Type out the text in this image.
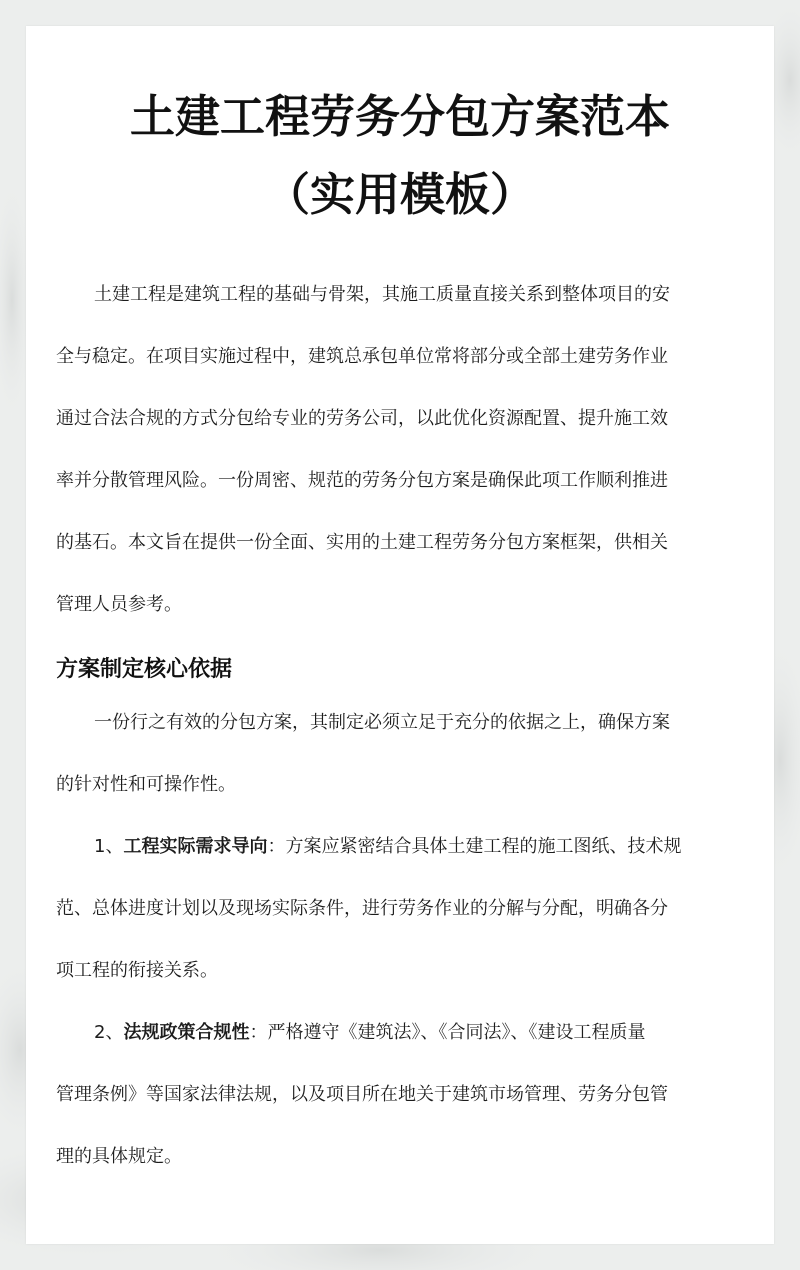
土建工程劳务分包方案范本
（实用模板）
土建工程是建筑工程的基础与骨架，其施工质量直接关系到整体项目的安
全与稳定。在项目实施过程中，建筑总承包单位常将部分或全部土建劳务作业
通过合法合规的方式分包给专业的劳务公司，以此优化资源配置、提升施工效
率并分散管理风险。一份周密、规范的劳务分包方案是确保此项工作顺利推进
的基石。本文旨在提供一份全面、实用的土建工程劳务分包方案框架，供相关
管理人员参考。
方案制定核心依据
一份行之有效的分包方案，其制定必须立足于充分的依据之上，确保方案
的针对性和可操作性。
1、工程实际需求导向：方案应紧密结合具体土建工程的施工图纸、技术规
范、总体进度计划以及现场实际条件，进行劳务作业的分解与分配，明确各分
项工程的衔接关系。
2、法规政策合规性：严格遵守《建筑法》、《合同法》、《建设工程质量
管理条例》等国家法律法规，以及项目所在地关于建筑市场管理、劳务分包管
理的具体规定。
